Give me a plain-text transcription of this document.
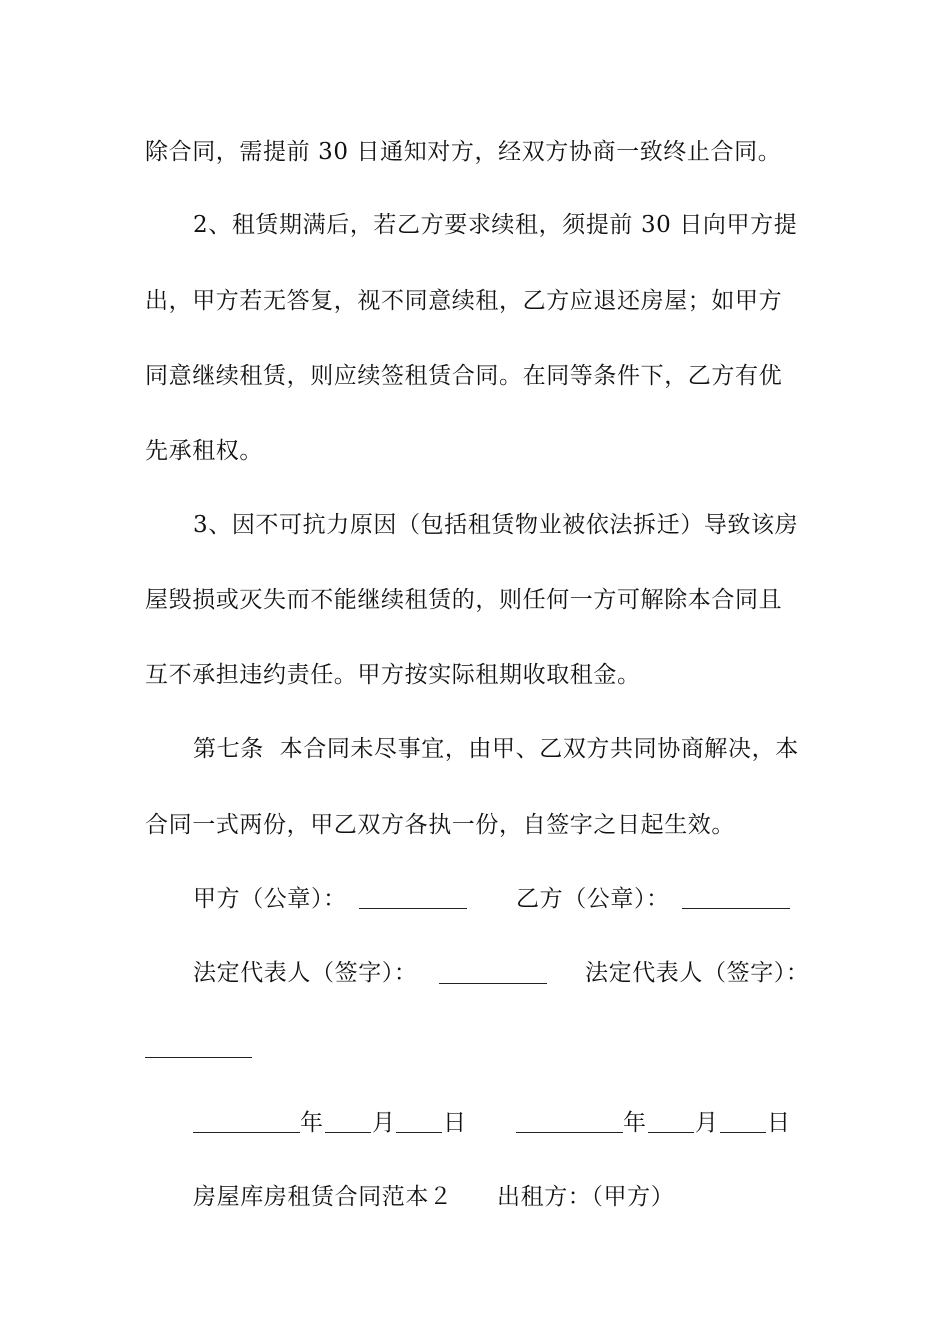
除合同，需提前 30 日通知对方，经双方协商一致终止合同。
2、租赁期满后，若乙方要求续租，须提前 30 日向甲方提
出，甲方若无答复，视不同意续租，乙方应退还房屋；如甲方
同意继续租赁，则应续签租赁合同。在同等条件下，乙方有优
先承租权。
3、因不可抗力原因（包括租赁物业被依法拆迁）导致该房
屋毁损或灭失而不能继续租赁的，则任何一方可解除本合同且
互不承担违约责任。甲方按实际租期收取租金。
第七条  本合同未尽事宜，由甲、乙双方共同协商解决，本
合同一式两份，甲乙双方各执一份，自签字之日起生效。
甲方（公章）：	乙方（公章）：
法定代表人（签字）：	法定代表人（签字）：
年 月 日	年 月 日
房屋库房租赁合同范本２ 出租方：（甲方）
